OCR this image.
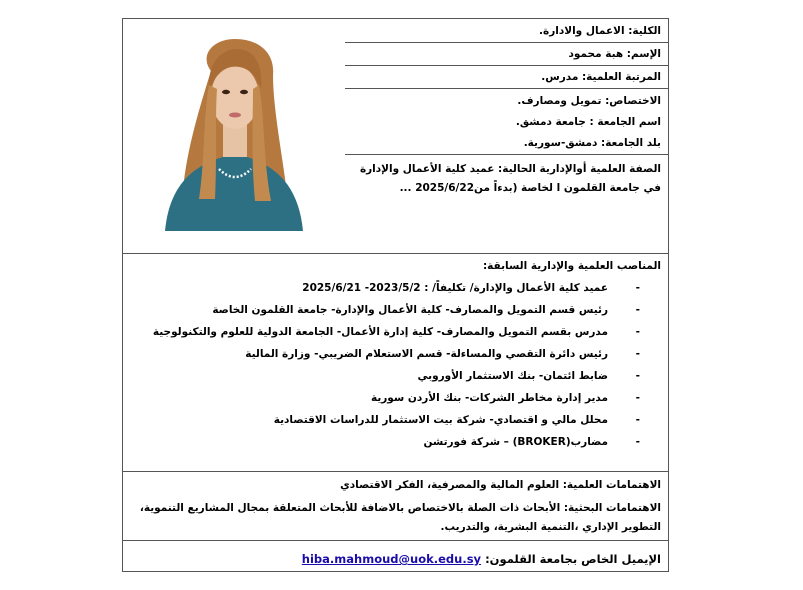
الكلية: الاعمال والادارة.
الإسم: هبة محمود
المرتبة العلمية: مدرس.
الاختصاص: تمويل ومصارف.
اسم الجامعة : جامعة دمشق.
بلد الجامعة: دمشق-سورية.
الصفة العلمية أوالإدارية الحالية: عميد كلية الأعمال والإدارة في جامعة القلمون ا لخاصة (بدءاً من2025/6/22 ...
المناصب العلمية والإدارية السابقة:
-
عميد كلية الأعمال والإدارة/ تكليفاً/ : 2023/5/2- 2025/6/21
-
رئيس قسم التمويل والمصارف- كلية الأعمال والإدارة- جامعة القلمون الخاصة
-
مدرس بقسم التمويل والمصارف- كلية إدارة الأعمال- الجامعة الدولية للعلوم والتكنولوجية
-
رئيس دائرة التقصي والمساءلة- قسم الاستعلام الضريبي- وزارة المالية
-
ضابط ائتمان- بنك الاستثمار الأوروبي
-
مدير إدارة مخاطر الشركات- بنك الأردن سورية
-
محلل مالي و اقتصادي- شركة بيت الاستثمار للدراسات الاقتصادية
-
مضارب(BROKER) – شركة فورتشن
الاهتمامات العلمية: العلوم المالية والمصرفية، الفكر الاقتصادي
الاهتمامات البحثية: الأبحاث ذات الصلة بالاختصاص بالاضافة للأبحاث المتعلقة بمجال المشاريع التنموية، التطوير الإداري ،التنمية البشرية، والتدريب.
الإيميل الخاص بجامعة القلمون: hiba.mahmoud@uok.edu.sy
